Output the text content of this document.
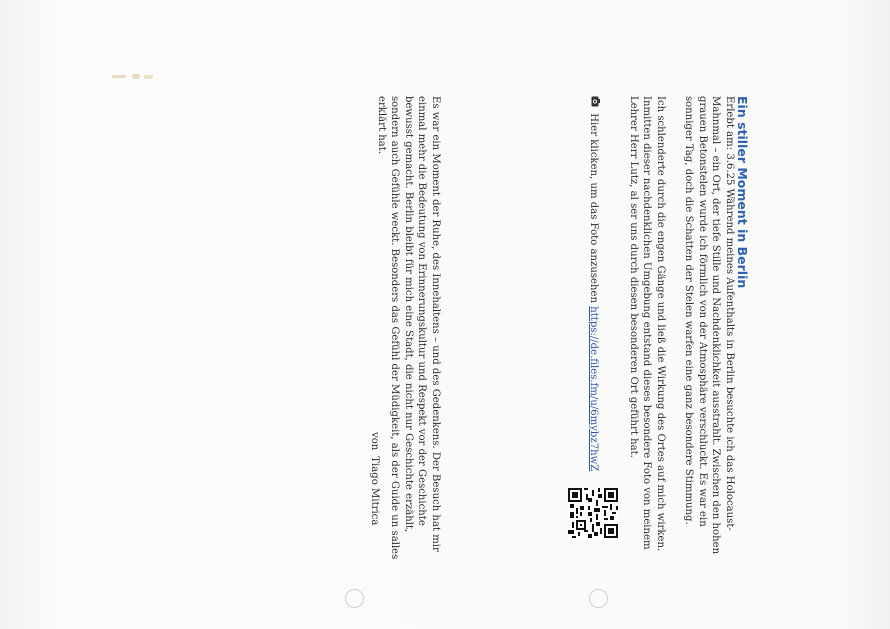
Ein stiller Moment in Berlin

Erlebt am: 3.6.25 Während meines Aufenthalts in Berlin besuchte ich das Holocaust-
Mahnmal – ein Ort, der tiefe Stille und Nachdenklichkeit ausstrahlt. Zwischen den hohen
grauen Betonstelen wurde ich förmlich von der Atmosphäre verschluckt. Es war ein
sonniger Tag, doch die Schatten der Stelen warfen eine ganz besondere Stimmung.

Ich schlenderte durch die engen Gänge und ließ die Wirkung des Ortes auf mich wirken.
Inmitten dieser nachdenklichen Umgebung entstand dieses besondere Foto von meinem
Lehrer Herr Lutz, al ser uns durch diesen besonderen Ort geführt hat.

Hier klicken, um das Foto anzusehen https://de.files.fm/u/6mybz7hwZ

Es war ein Moment der Ruhe, des Innehaltens – und des Gedenkens. Der Besuch hat mir
einmal mehr die Bedeutung von Erinnerungskultur und Respekt vor der Geschichte
bewusst gemacht. Berlin bleibt für mich eine Stadt, die nicht nur Geschichte erzählt,
sondern auch Gefühle weckt. Besonders das Gefühl der Müdigkeit, als der Guide un salles
erklärt hat.

vonTiago Mitrica
